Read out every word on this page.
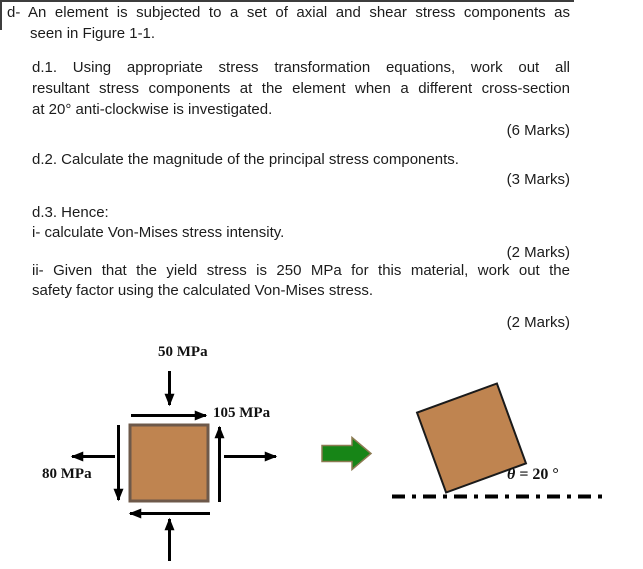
d- An element is subjected to a set of axial and shear stress components as
seen in Figure 1-1.
d.1. Using appropriate stress transformation equations, work out all
resultant stress components at the element when a different cross-section
at 20° anti-clockwise is investigated.
(6 Marks)
d.2. Calculate the magnitude of the principal stress components.
(3 Marks)
d.3. Hence:
i- calculate Von-Mises stress intensity.
(2 Marks)
ii- Given that the yield stress is 250 MPa for this material, work out the
safety factor using the calculated Von-Mises stress.
(2 Marks)
50 MPa
105 MPa
80 MPa	θ = 20 °
